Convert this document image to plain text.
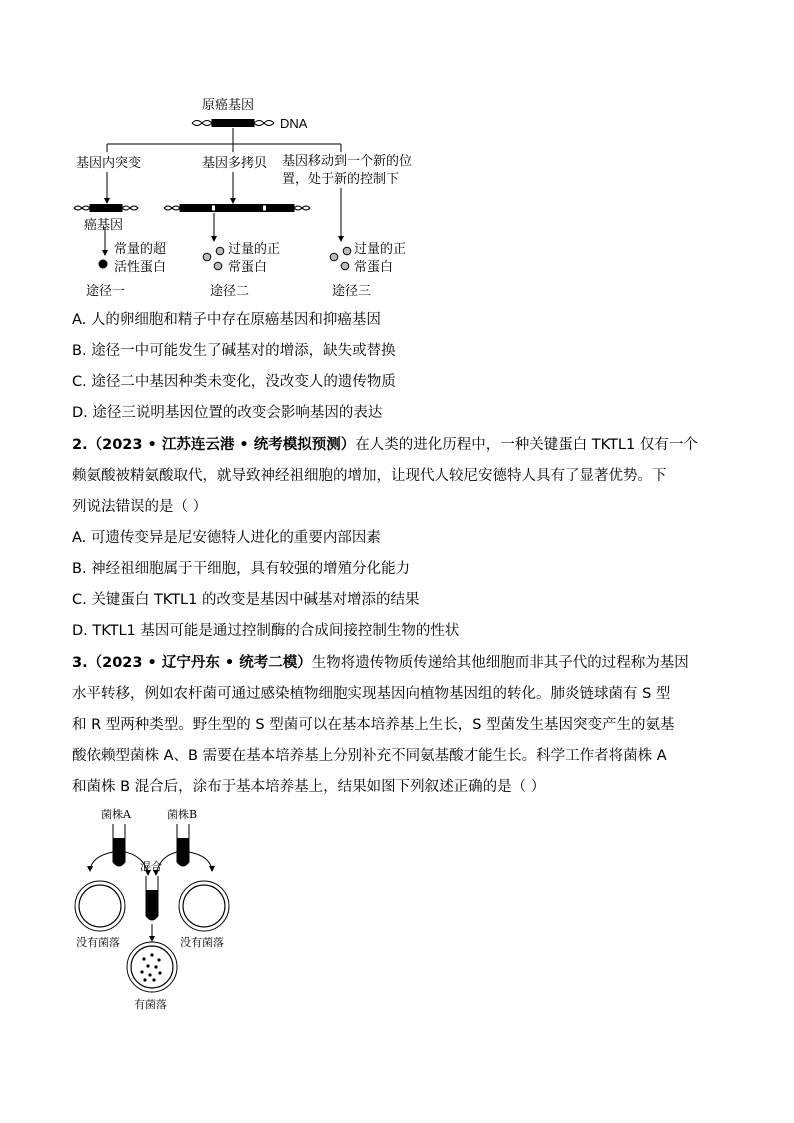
原癌基因
DNA
基因内突变	基因多拷贝 基因移动到一个新的位
置，处于新的控制下
癌基因
常量的超
活性蛋白
过量的正
常蛋白
过量的正
常蛋白
途径一	途径二	途径三
A. 人的卵细胞和精子中存在原癌基因和抑癌基因
B. 途径一中可能发生了碱基对的增添，缺失或替换
C. 途径二中基因种类未变化，没改变人的遗传物质
D. 途径三说明基因位置的改变会影响基因的表达
2.（2023 • 江苏连云港 • 统考模拟预测）在人类的进化历程中，一种关键蛋白 TKTL1 仅有一个
赖氨酸被精氨酸取代，就导致神经祖细胞的增加，让现代人较尼安德特人具有了显著优势。下
列说法错误的是（ ）
A. 可遗传变异是尼安德特人进化的重要内部因素
B. 神经祖细胞属于干细胞，具有较强的增殖分化能力
C. 关键蛋白 TKTL1 的改变是基因中碱基对增添的结果
D. TKTL1 基因可能是通过控制酶的合成间接控制生物的性状
3.（2023 • 辽宁丹东 • 统考二模）生物将遗传物质传递给其他细胞而非其子代的过程称为基因
水平转移，例如农杆菌可通过感染植物细胞实现基因向植物基因组的转化。肺炎链球菌有 S 型
和 R 型两种类型。野生型的 S 型菌可以在基本培养基上生长，S 型菌发生基因突变产生的氨基
酸依赖型菌株 A、B 需要在基本培养基上分别补充不同氨基酸才能生长。科学工作者将菌株 A
和菌株 B 混合后，涂布于基本培养基上，结果如图下列叙述正确的是（ ）
菌株A	菌株B
混合
没有菌落	没有菌落
有菌落
